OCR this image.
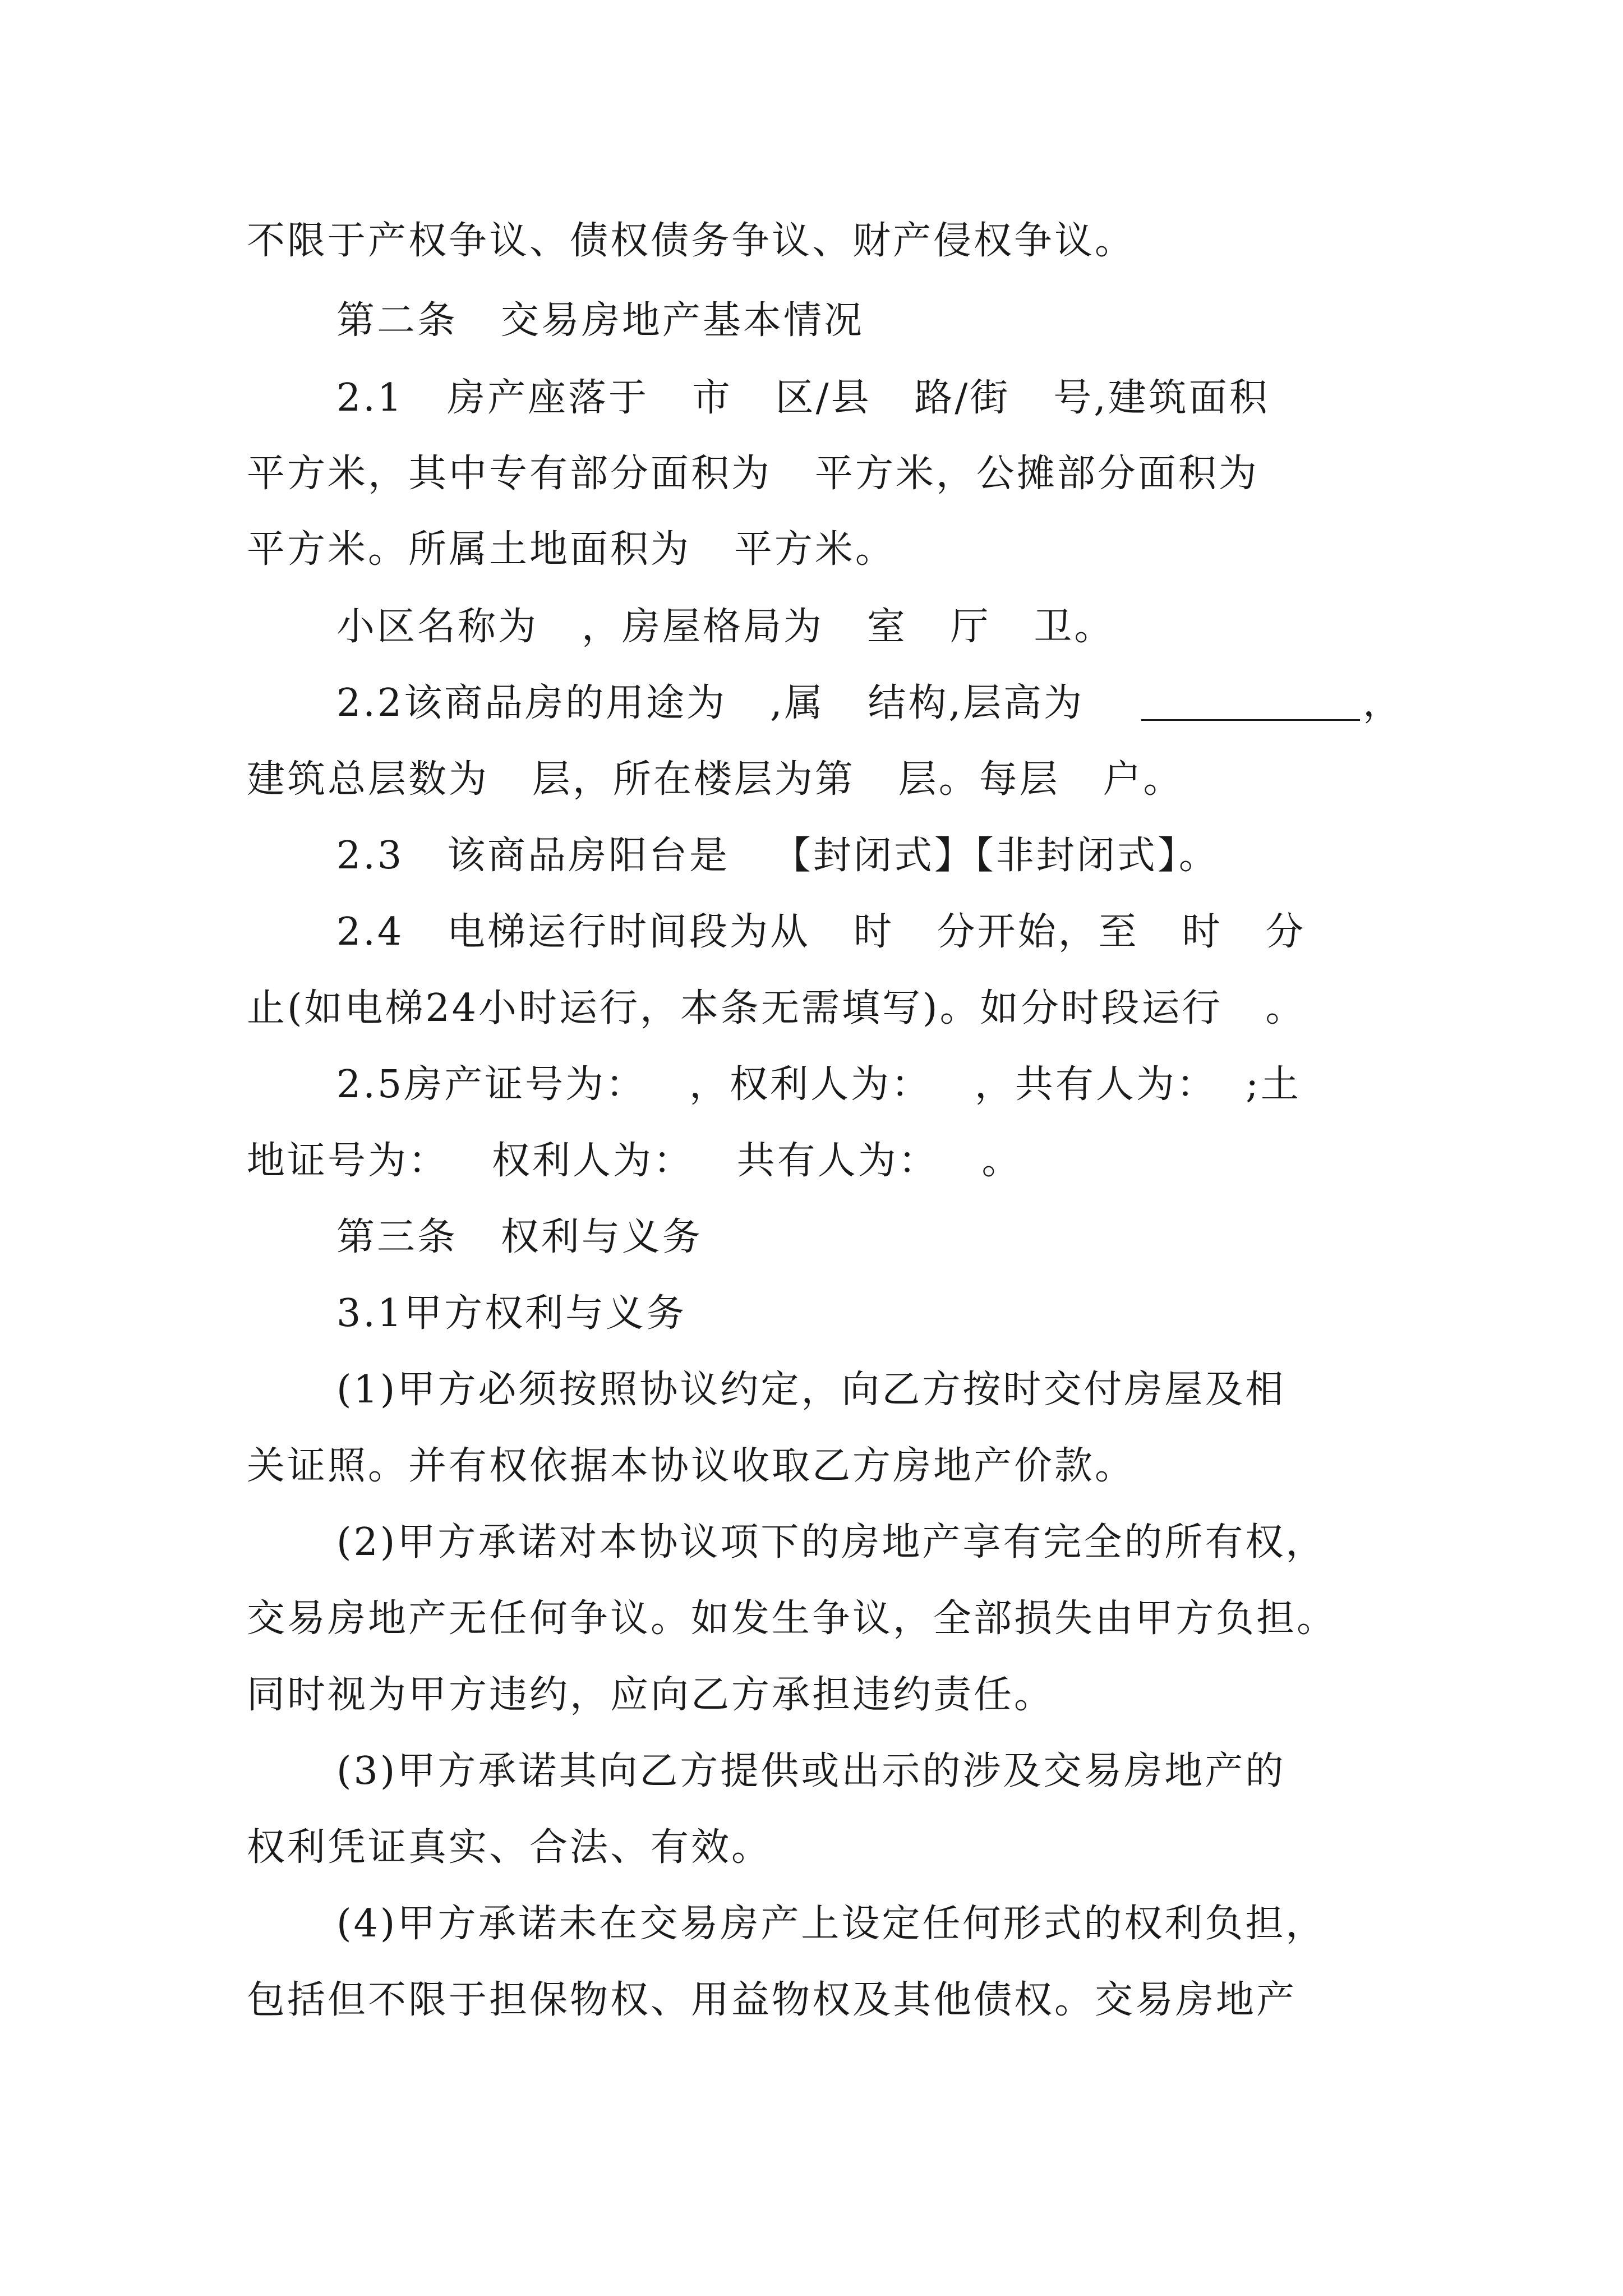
不限于产权争议、债权债务争议、财产侵权争议。
第二条   交易房地产基本情况
2.1   房产座落于   市   区/县   路/街   号,建筑面积
平方米，其中专有部分面积为   平方米，公摊部分面积为
平方米。所属土地面积为   平方米。
小区名称为   ，房屋格局为   室   厅   卫。
2.2该商品房的用途为   ,属   结构,层高为	，
建筑总层数为   层，所在楼层为第   层。每层   户。
2.3   该商品房阳台是   【封闭式】【非封闭式】。
2.4   电梯运行时间段为从   时   分开始，至   时   分
止(如电梯24小时运行，本条无需填写)。如分时段运行   。
2.5房产证号为：   ，权利人为：   ，共有人为：  ;土
地证号为：   权利人为：   共有人为：   。
第三条   权利与义务
3.1甲方权利与义务
(1)甲方必须按照协议约定，向乙方按时交付房屋及相
关证照。并有权依据本协议收取乙方房地产价款。
(2)甲方承诺对本协议项下的房地产享有完全的所有权，
交易房地产无任何争议。如发生争议，全部损失由甲方负担。
同时视为甲方违约，应向乙方承担违约责任。
(3)甲方承诺其向乙方提供或出示的涉及交易房地产的
权利凭证真实、合法、有效。
(4)甲方承诺未在交易房产上设定任何形式的权利负担，
包括但不限于担保物权、用益物权及其他债权。交易房地产
